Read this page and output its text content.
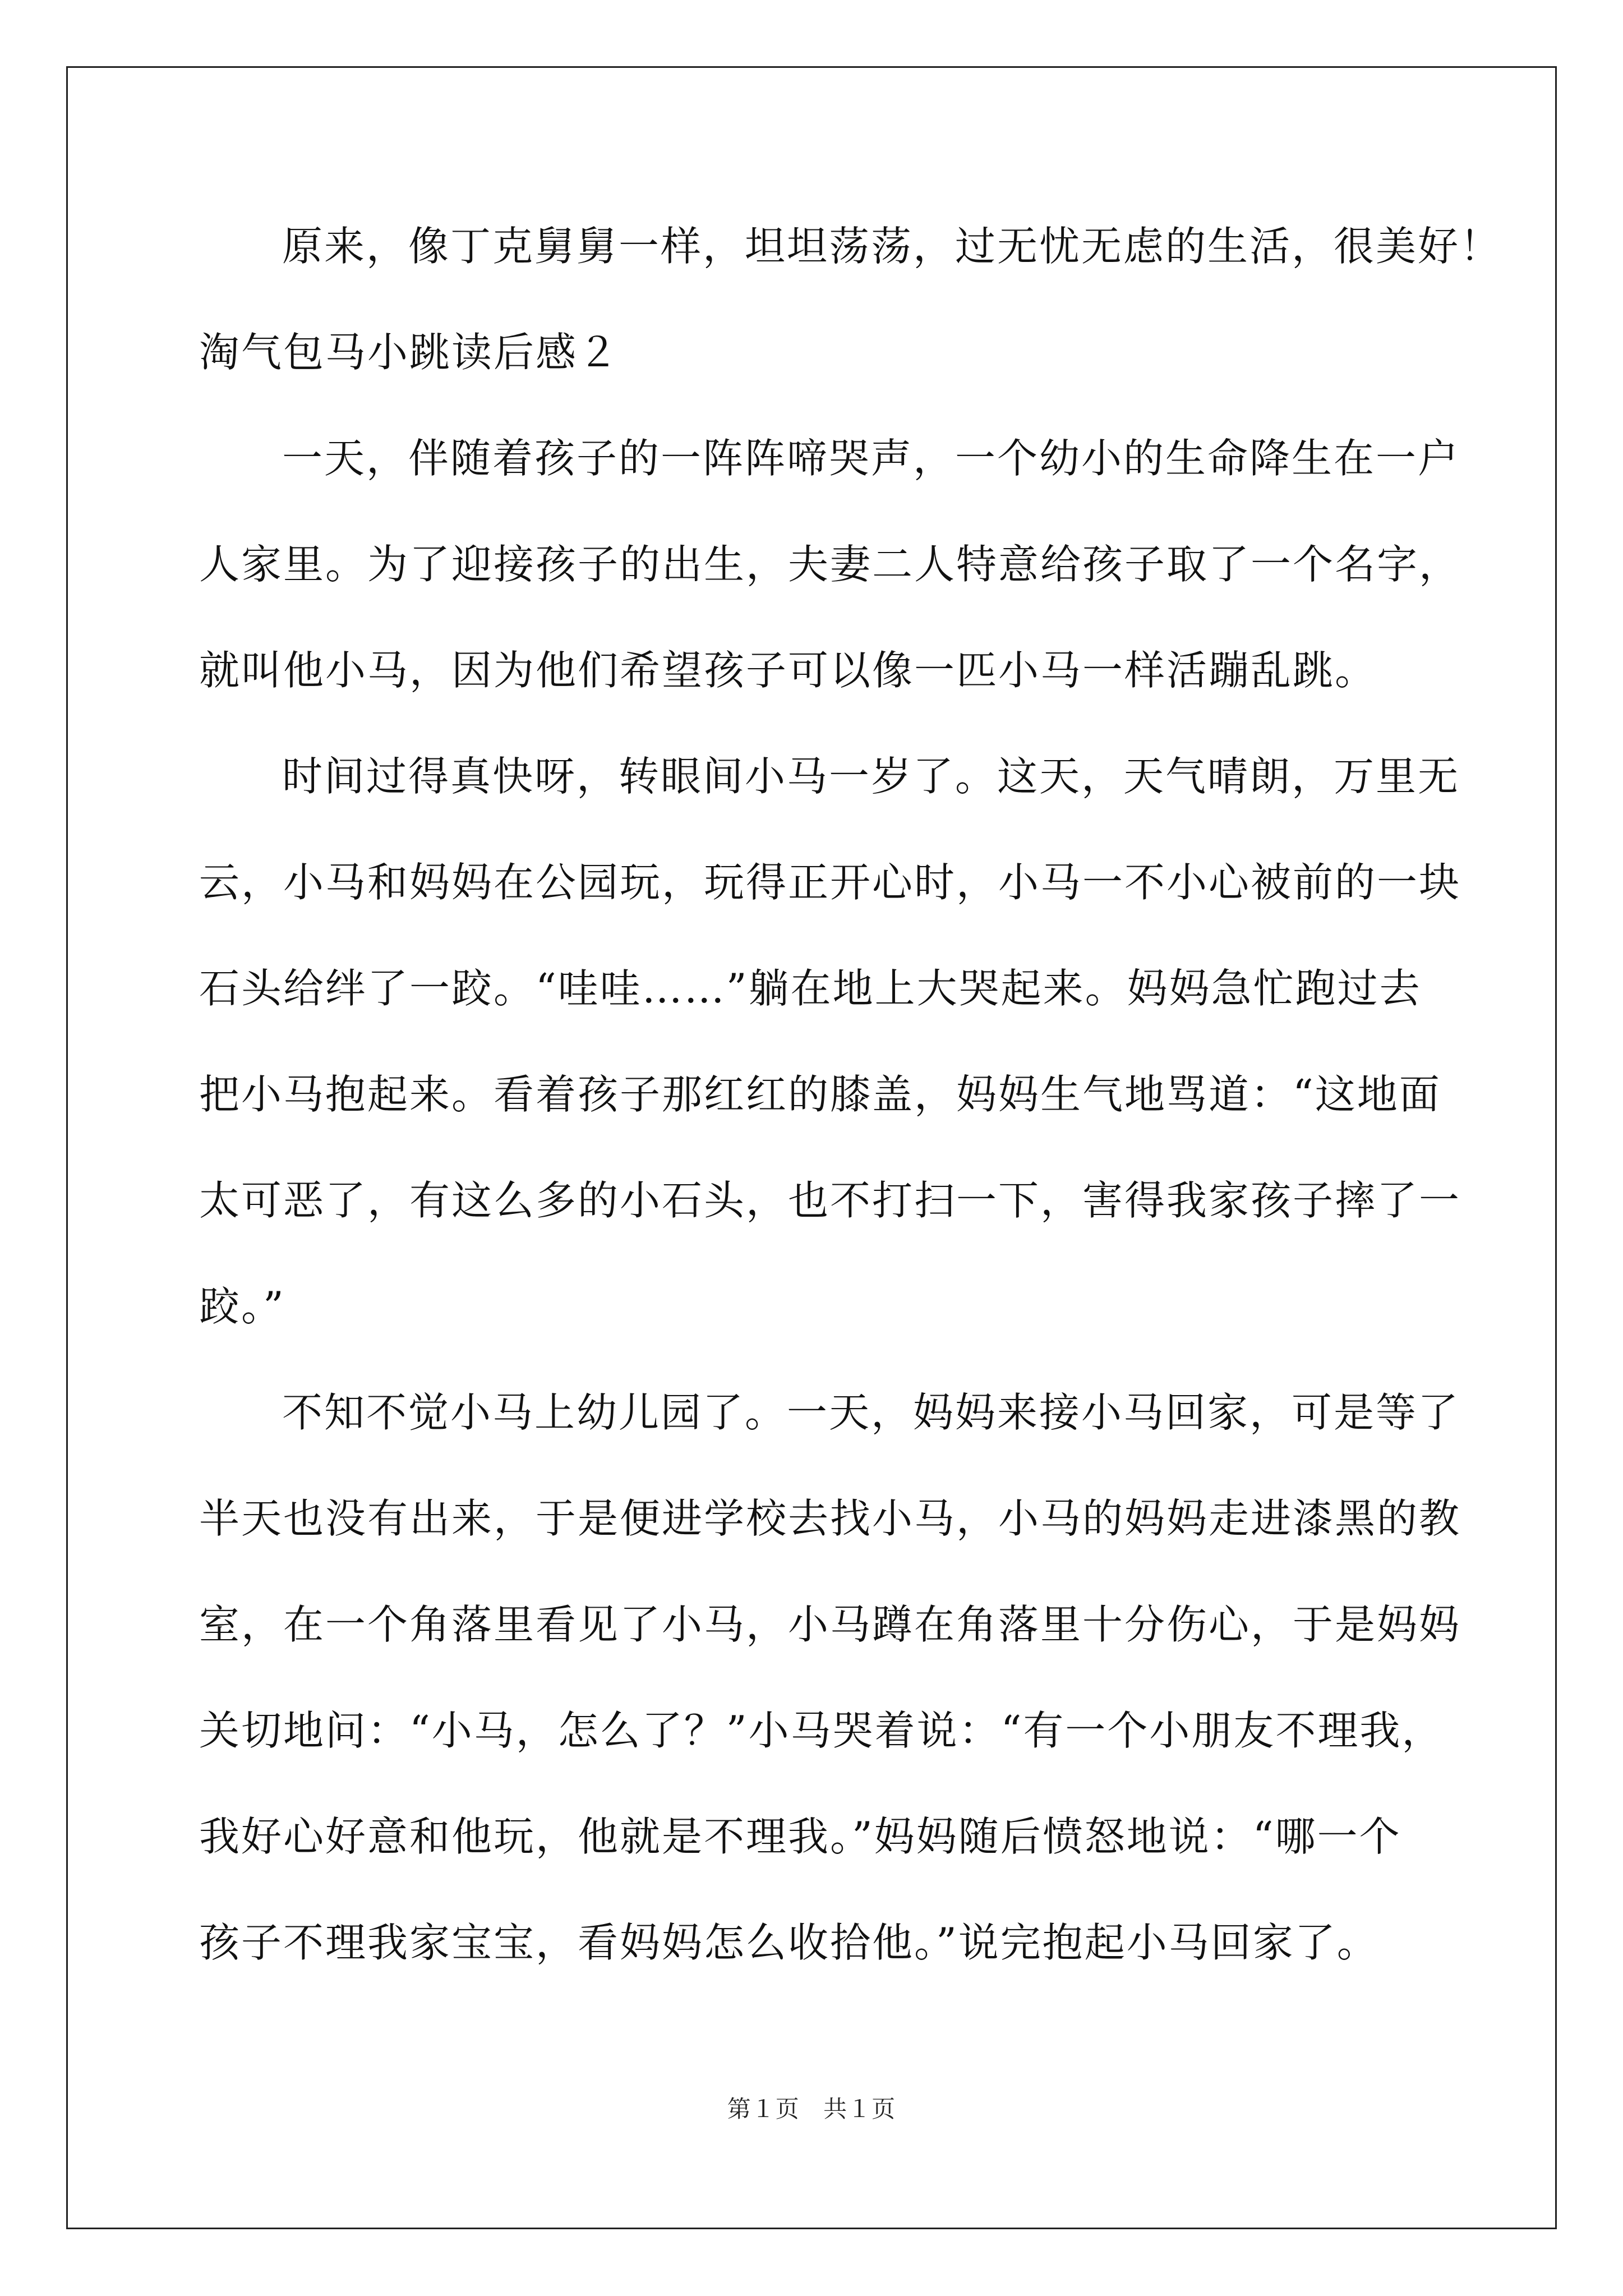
原来，像丁克舅舅一样，坦坦荡荡，过无忧无虑的生活，很美好！
淘气包马小跳读后感２
一天，伴随着孩子的一阵阵啼哭声，一个幼小的生命降生在一户
人家里。为了迎接孩子的出生，夫妻二人特意给孩子取了一个名字，
就叫他小马，因为他们希望孩子可以像一匹小马一样活蹦乱跳。
时间过得真快呀，转眼间小马一岁了。这天，天气晴朗，万里无
云，小马和妈妈在公园玩，玩得正开心时，小马一不小心被前的一块
石头给绊了一跤。“哇哇……”躺在地上大哭起来。妈妈急忙跑过去
把小马抱起来。看着孩子那红红的膝盖，妈妈生气地骂道：“这地面
太可恶了，有这么多的小石头，也不打扫一下，害得我家孩子摔了一
跤。”
不知不觉小马上幼儿园了。一天，妈妈来接小马回家，可是等了
半天也没有出来，于是便进学校去找小马，小马的妈妈走进漆黑的教
室，在一个角落里看见了小马，小马蹲在角落里十分伤心，于是妈妈
关切地问：“小马，怎么了？”小马哭着说：“有一个小朋友不理我，
我好心好意和他玩，他就是不理我。”妈妈随后愤怒地说：“哪一个
孩子不理我家宝宝，看妈妈怎么收拾他。”说完抱起小马回家了。
第１页 共１页
